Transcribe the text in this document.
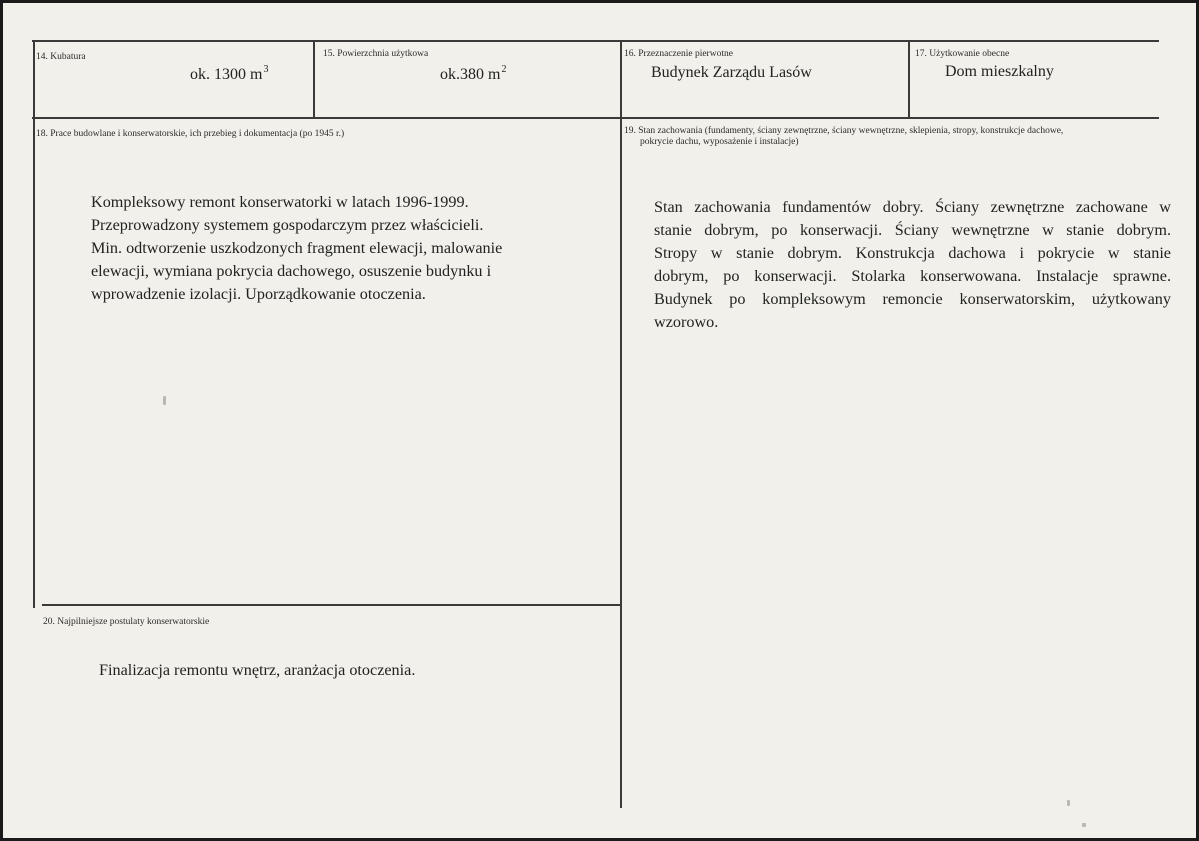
14. Kubatura
ok. 1300 $m^3$
15. Powierzchnia użytkowa
ok.380 $m^2$
16. Przeznaczenie pierwotne
Budynek Zarządu Lasów
17. Użytkowanie obecne
Dom mieszkalny
18. Prace budowlane i konserwatorskie, ich przebieg i dokumentacja (po 1945 r.)
Kompleksowy remont konserwatorki w latach 1996-1999.
Przeprowadzony systemem gospodarczym przez właścicieli.
Min. odtworzenie uszkodzonych fragment elewacji, malowanie
elewacji, wymiana pokrycia dachowego, osuszenie budynku i
wprowadzenie izolacji. Uporządkowanie otoczenia.
19. Stan zachowania (fundamenty, ściany zewnętrzne, ściany wewnętrzne, sklepienia, stropy, konstrukcje dachowe,
pokrycie dachu, wyposażenie i instalacje)
Stan zachowania fundamentów dobry. Ściany zewnętrzne zachowane w
stanie dobrym, po konserwacji. Ściany wewnętrzne w stanie dobrym.
Stropy w stanie dobrym. Konstrukcja dachowa i pokrycie w stanie
dobrym, po konserwacji. Stolarka konserwowana. Instalacje sprawne.
Budynek po kompleksowym remoncie konserwatorskim, użytkowany
wzorowo.
20. Najpilniejsze postulaty konserwatorskie
Finalizacja remontu wnętrz, aranżacja otoczenia.
